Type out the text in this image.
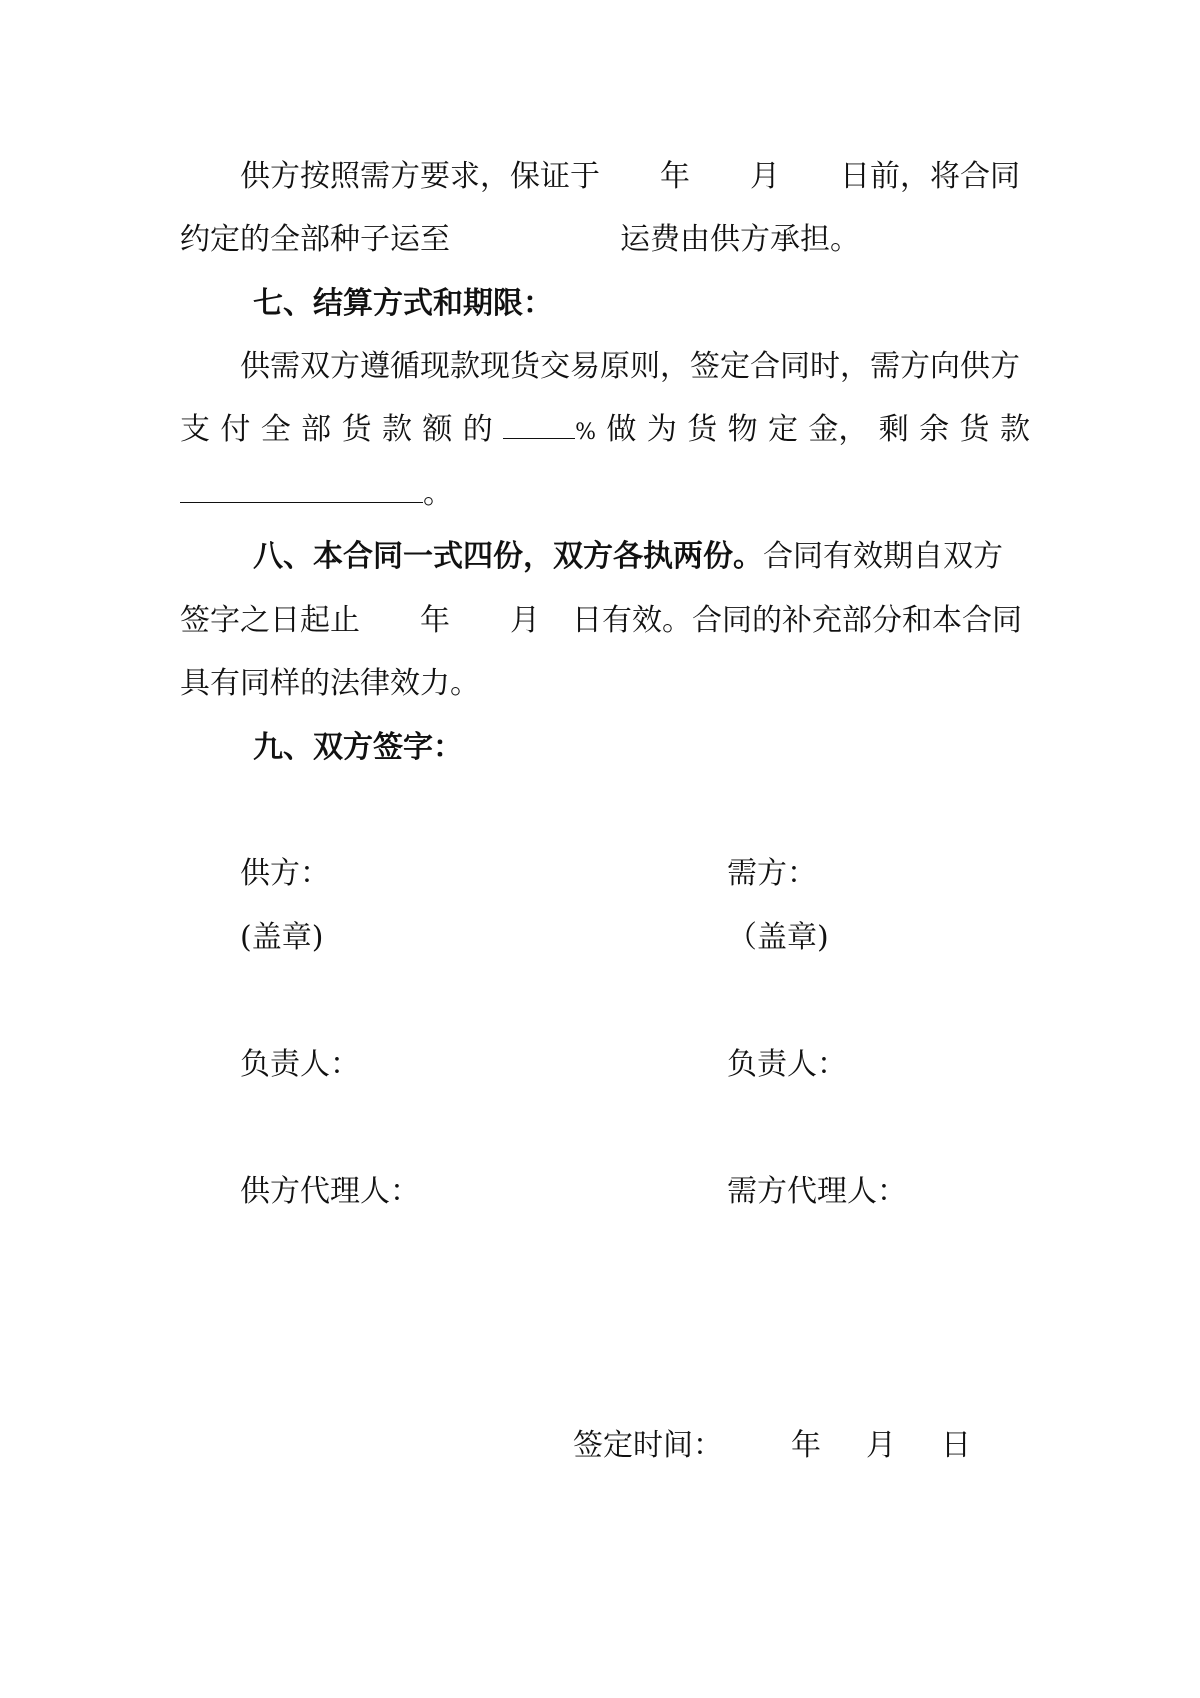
供方按照需方要求，保证于 年 月 日前，将合同
约定的全部种子运至	运费由供方承担。
七、结算方式和期限：
供需双方遵循现款现货交易原则，签定合同时，需方向供方
支 付 全 部 货 款 额 的	% 做 为 货 物 定 金， 剩 余 货 款
。
八、本合同一式四份，双方各执两份。合同有效期自双方
签字之日起止 年 月 日有效。合同的补充部分和本合同
具有同样的法律效力。
九、双方签字：
供方：	需方：
(盖章)	（盖章)
负责人：	负责人：
供方代理人：	需方代理人：
签定时间： 年 月 日
